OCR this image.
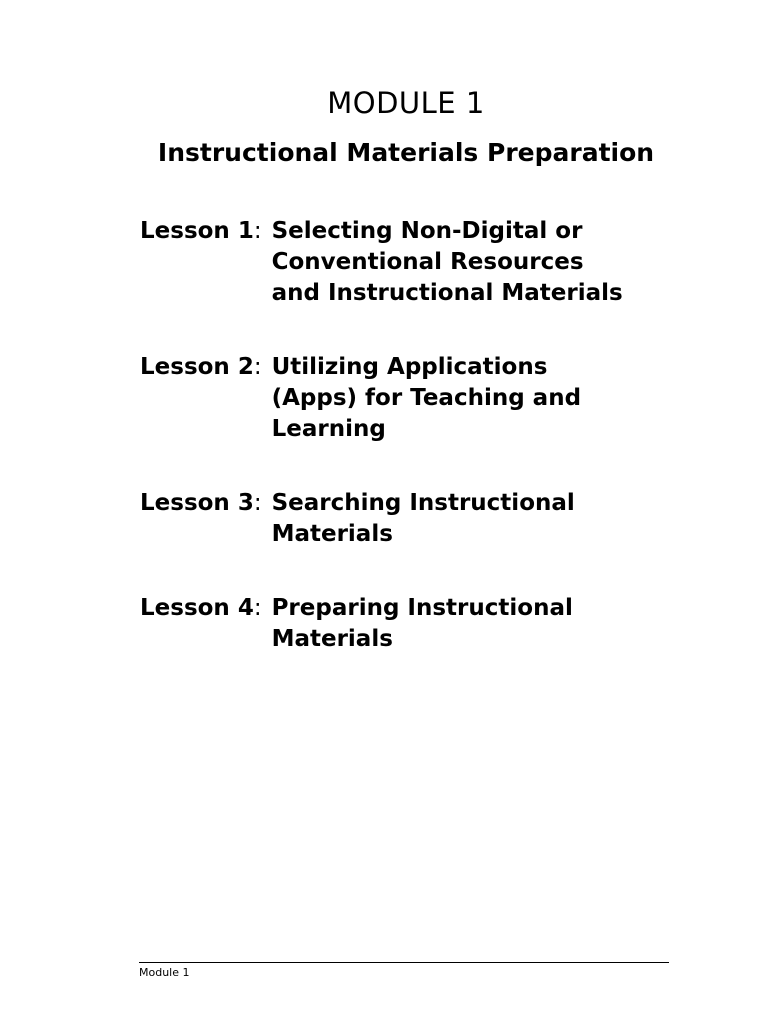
MODULE 1
Instructional Materials Preparation
Lesson 1 : Selecting Non-Digital or Conventional Resources and Instructional Materials
Lesson 2 : Utilizing Applications (Apps) for Teaching and Learning
Lesson 3 : Searching Instructional Materials
Lesson 4 : Preparing Instructional Materials
Module 1
